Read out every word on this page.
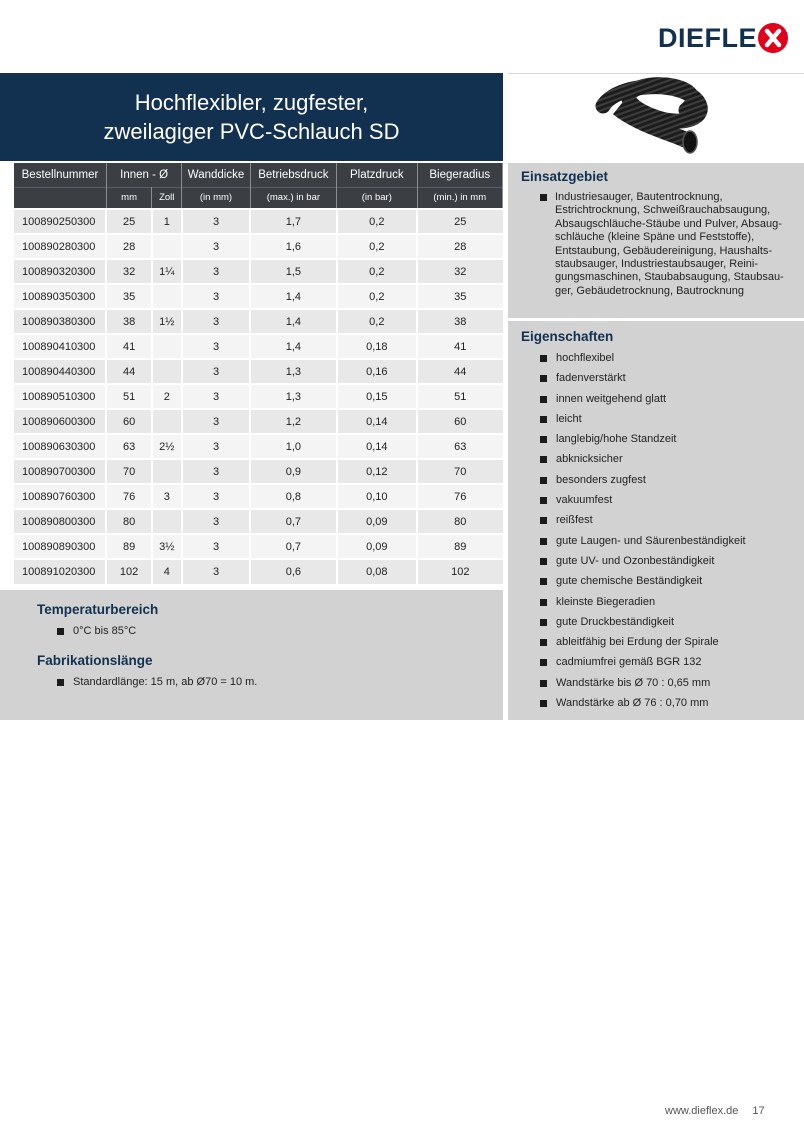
DIEFLE
Hochflexibler, zugfester,
zweilagiger PVC-Schlauch SD
Bestellnummer	Innen - Ø		Wanddicke	Betriebsdruck	Platzdruck	Biegeradius
	mm	Zoll	(in mm)	(max.) in bar	(in bar)	(min.) in mm
100890250300	25	1	3	1,7	0,2	25
100890280300	28		3	1,6	0,2	28
100890320300	32	1¼	3	1,5	0,2	32
100890350300	35		3	1,4	0,2	35
100890380300	38	1½	3	1,4	0,2	38
100890410300	41		3	1,4	0,18	41
100890440300	44		3	1,3	0,16	44
100890510300	51	2	3	1,3	0,15	51
100890600300	60		3	1,2	0,14	60
100890630300	63	2½	3	1,0	0,14	63
100890700300	70		3	0,9	0,12	70
100890760300	76	3	3	0,8	0,10	76
100890800300	80		3	0,7	0,09	80
100890890300	89	3½	3	0,7	0,09	89
100891020300	102	4	3	0,6	0,08	102
Temperaturbereich
0°C bis 85°C
Fabrikationslänge
Standardlänge: 15 m, ab Ø70 = 10 m.
Einsatzgebiet
Industriesauger, Bautentrocknung,
Estrichtrocknung, Schweißrauchabsaugung,
Absaugschläuche-Stäube und Pulver, Absaug-
schläuche (kleine Späne und Feststoffe),
Entstaubung, Gebäudereinigung, Haushalts-
staubsauger, Industriestaubsauger, Reini-
gungsmaschinen, Staubabsaugung, Staubsau-
ger, Gebäudetrocknung, Bautrocknung
Eigenschaften
hochflexibel
fadenverstärkt
innen weitgehend glatt
leicht
langlebig/hohe Standzeit
abknicksicher
besonders zugfest
vakuumfest
reißfest
gute Laugen- und Säurenbeständigkeit
gute UV- und Ozonbeständigkeit
gute chemische Beständigkeit
kleinste Biegeradien
gute Druckbeständigkeit
ableitfähig bei Erdung der Spirale
cadmiumfrei gemäß BGR 132
Wandstärke bis Ø 70 : 0,65 mm
Wandstärke ab Ø 76 : 0,70 mm
www.dieflex.de 17
